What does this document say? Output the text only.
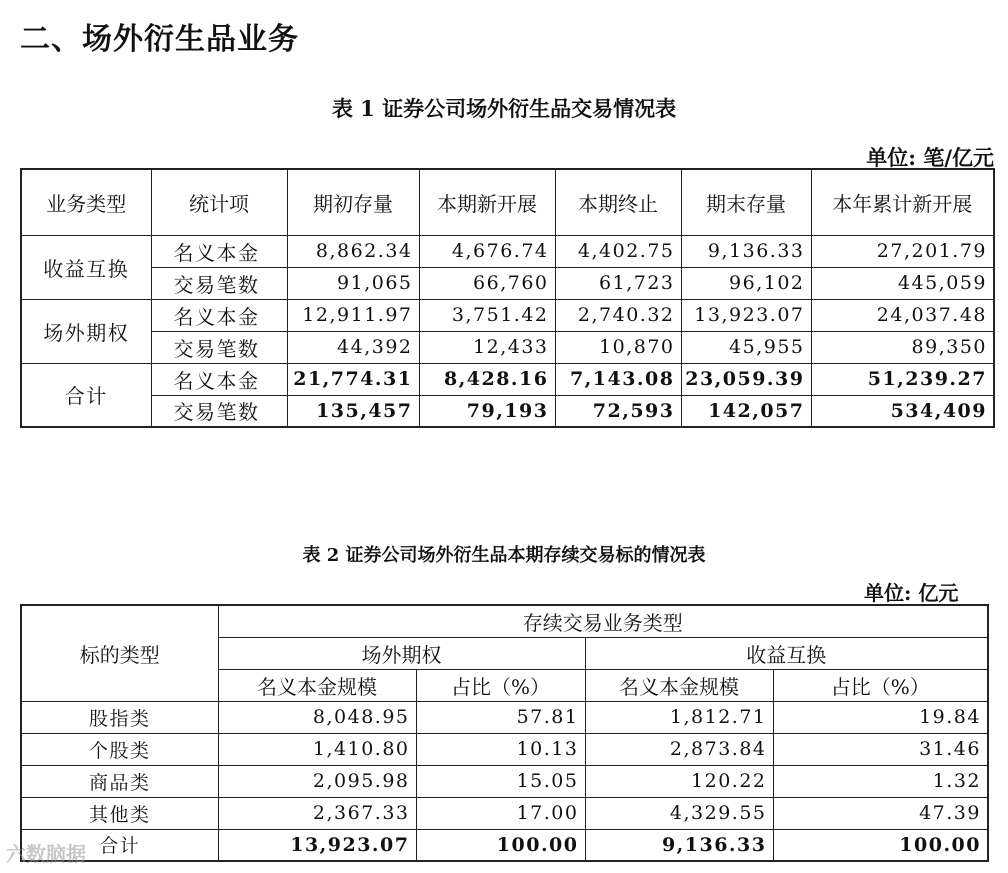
二、场外衍生品业务
表 1 证券公司场外衍生品交易情况表
单位: 笔/亿元
业务类型	统计项	期初存量	本期新开展	本期终止	期末存量	本年累计新开展
收益互换	名义本金	8,862.34	4,676.74	4,402.75	9,136.33	27,201.79
	交易笔数	91,065	66,760	61,723	96,102	445,059
场外期权	名义本金	12,911.97	3,751.42	2,740.32	13,923.07	24,037.48
	交易笔数	44,392	12,433	10,870	45,955	89,350
合计	名义本金	21,774.31	8,428.16	7,143.08	23,059.39	51,239.27
	交易笔数	135,457	79,193	72,593	142,057	534,409
表 2 证券公司场外衍生品本期存续交易标的情况表
单位: 亿元
标的类型	存续交易业务类型			
	场外期权		收益互换	
	名义本金规模	占比（%）	名义本金规模	占比（%）
股指类	8,048.95	57.81	1,812.71	19.84
个股类	1,410.80	10.13	2,873.84	31.46
商品类	2,095.98	15.05	120.22	1.32
其他类	2,367.33	17.00	4,329.55	47.39
合计	13,923.07	100.00	9,136.33	100.00
六数脑据
